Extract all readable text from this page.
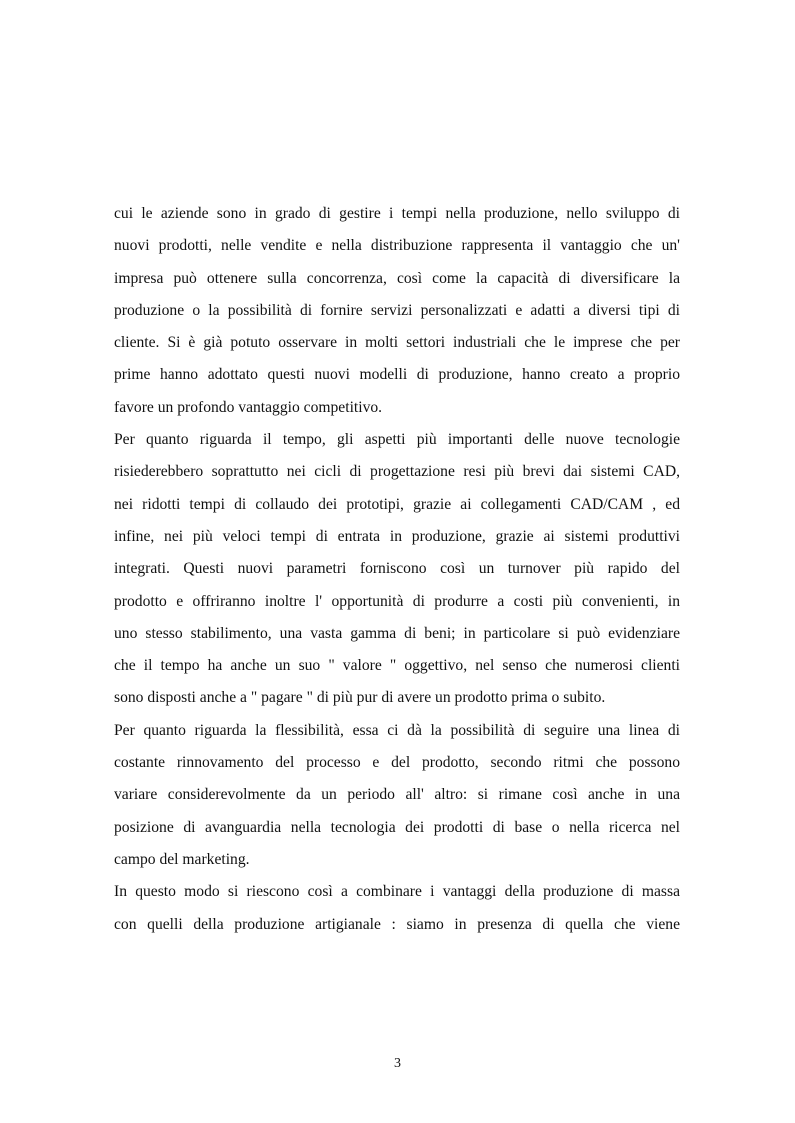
cui le aziende sono in grado di gestire i tempi nella produzione, nello sviluppo di
nuovi prodotti, nelle vendite e nella distribuzione rappresenta il vantaggio che un'
impresa può ottenere sulla concorrenza, così come la capacità di diversificare la
produzione o la possibilità di fornire servizi personalizzati e adatti a diversi tipi di
cliente. Si è già potuto osservare in molti settori industriali che le imprese che per
prime hanno adottato questi nuovi modelli di produzione, hanno creato a proprio
favore un profondo vantaggio competitivo.
Per quanto riguarda il tempo, gli aspetti più importanti delle nuove tecnologie
risiederebbero soprattutto nei cicli di progettazione resi più brevi dai sistemi CAD,
nei ridotti tempi di collaudo dei prototipi, grazie ai collegamenti CAD/CAM , ed
infine, nei più veloci tempi di entrata in produzione, grazie ai sistemi produttivi
integrati. Questi nuovi parametri forniscono così un turnover più rapido del
prodotto e offriranno inoltre l' opportunità di produrre a costi più convenienti, in
uno stesso stabilimento, una vasta gamma di beni; in particolare si può evidenziare
che il tempo ha anche un suo " valore " oggettivo, nel senso che numerosi clienti
sono disposti anche a " pagare " di più pur di avere un prodotto prima o subito.
Per quanto riguarda la flessibilità, essa ci dà la possibilità di seguire una linea di
costante rinnovamento del processo e del prodotto, secondo ritmi che possono
variare considerevolmente da un periodo all' altro: si rimane così anche in una
posizione di avanguardia nella tecnologia dei prodotti di base o nella ricerca nel
campo del marketing.
In questo modo si riescono così a combinare i vantaggi della produzione di massa
con quelli della produzione artigianale : siamo in presenza di quella che viene
3
